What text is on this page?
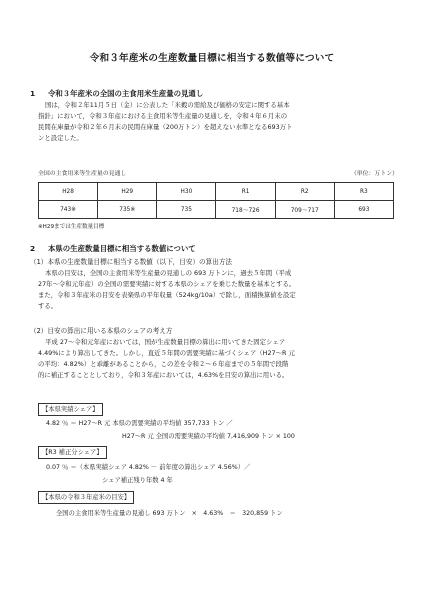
令和３年産米の生産数量目標に相当する数値等について
1 令和３年産米の全国の主食用米生産量の見通し
国は，令和２年11月５日（金）に公表した「米穀の需給及び価格の安定に関する基本
指針」において，令和３年産における主食用米等生産量の見通しを，令和４年６月末の
民間在庫量が令和２年６月末の民間在庫量（200万トン）を超えない水準となる693万ト
ンと設定した。
全国の主食用米等生産量の見通し	（単位：万トン）
H28	H29	H30	R1	R2	R3
743※	735※	735	718～726	709～717	693
※H29までは生産数量目標
2 本県の生産数量目標に相当する数値について
（1）本県の生産数量目標に相当する数値（以下，目安）の算出方法
本県の目安は，全国の主食用米等生産量の見通しの 693 万トンに，過去５年間（平成
27年～令和元年産）の全国の需要実績に対する本県のシェアを乗じた数量を基本とする。
また，令和３年産米の目安を表楽県の平年収量（524kg/10a）で除し，面積換算値を設定
する。
（2）目安の算出に用いる本県のシェアの考え方
平成 27～令和元年産においては，国が生産数量目標の算出に用いてきた固定シェア
4.49%により算出してきた。しかし，直近５年間の需要実績に基づくシェア（H27～R 元
の平均：4.82%）と乖離があることから，この差を令和２～６年産までの５年間で段階
的に補正することとしており，令和３年産においては，4.63%を目安の算出に用いる。
【本県実績シェア】
4.82 ％ ＝ H27～R 元 本県の需要実績の平均値 357,733 トン ／
H27～R 元 全国の需要実績の平均値 7,416,909 トン × 100
【R3 補正分シェア】
0.07 ％ ＝（本県実績シェア 4.82% － 前年度の算出シェア 4.56%）／
シェア補正残り年数 4 年
【本県の令和３年産米の目安】
全国の主食用米等生産量の見通し 693 万トン　×　4.63%　＝　320,859 トン
